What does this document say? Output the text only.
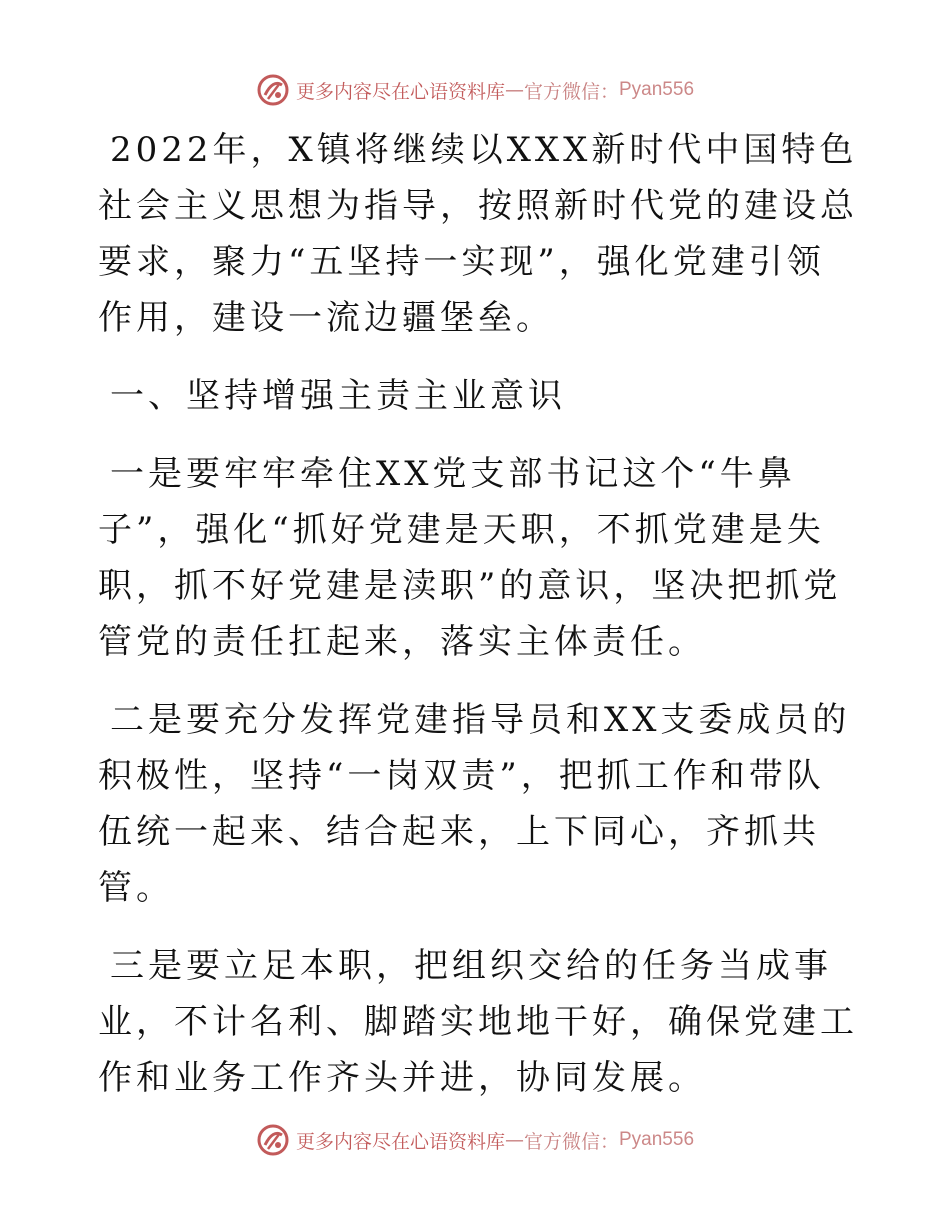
更多内容尽在心语资料库 — 官方微信： Pyan556

2022年，X镇将继续以XXX新时代中国特色社会主义思想为指导，按照新时代党的建设总要求，聚力“五坚持一实现”，强化党建引领作用，建设一流边疆堡垒。

一、坚持增强主责主业意识

一是要牢牢牵住XX党支部书记这个“牛鼻子”，强化“抓好党建是天职，不抓党建是失职，抓不好党建是渎职”的意识，坚决把抓党管党的责任扛起来，落实主体责任。

二是要充分发挥党建指导员和XX支委成员的积极性，坚持“一岗双责”，把抓工作和带队伍统一起来、结合起来，上下同心，齐抓共管。

三是要立足本职，把组织交给的任务当成事业，不计名利、脚踏实地地干好，确保党建工作和业务工作齐头并进，协同发展。

更多内容尽在心语资料库 — 官方微信： Pyan556
